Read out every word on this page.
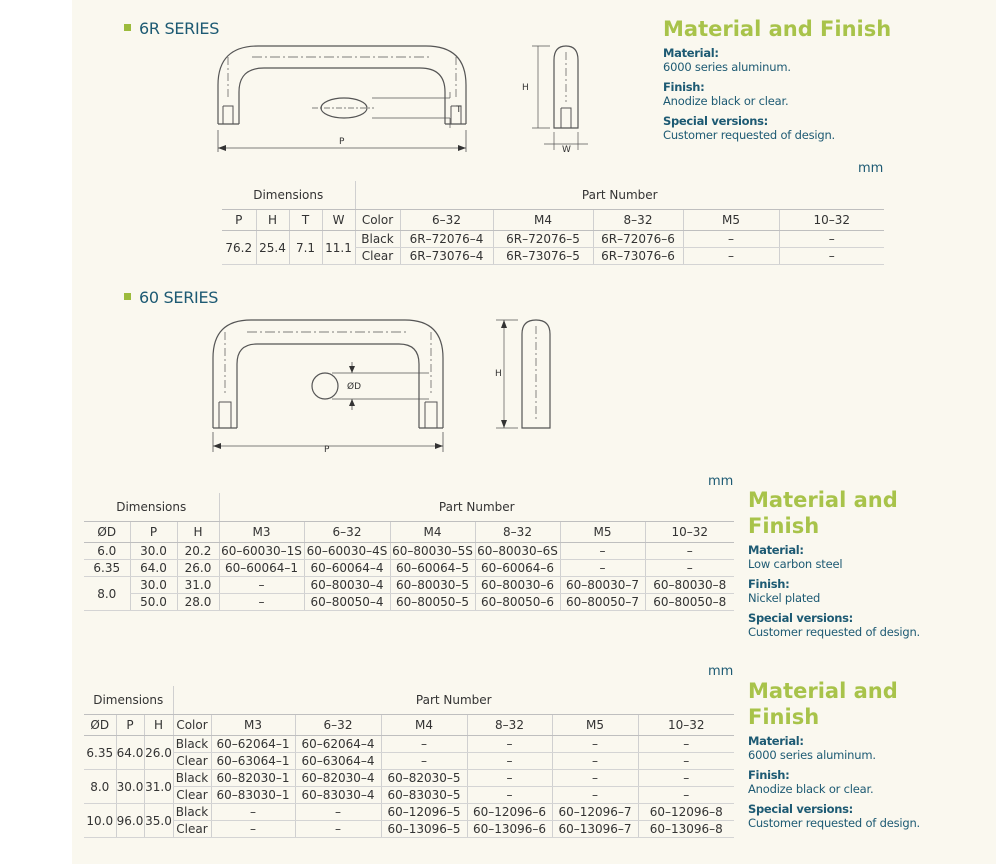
6R SERIES
P
T
H
W
Material and Finish
Material:
6000 series aluminum.
Finish:
Anodize black or clear.
Special versions:
Customer requested of design.
mm
Dimensions				Part Number					
P	H	T	W	Color	6–32	M4	8–32	M5	10–32
76.2	25.4	7.1	11.1	Black	6R–72076–4	6R–72076–5	6R–72076–6	–	–
				Clear	6R–73076–4	6R–73076–5	6R–73076–6	–	–
60 SERIES
P
ØD
H
mm
Dimensions			Part Number					
ØD	P	H	M3	6–32	M4	8–32	M5	10–32
6.0	30.0	20.2	60–60030–1S	60–60030–4S	60–80030–5S	60–80030–6S	–	–
6.35	64.0	26.0	60–60064–1	60–60064–4	60–60064–5	60–60064–6	–	–
8.0	30.0	31.0	–	60–80030–4	60–80030–5	60–80030–6	60–80030–7	60–80030–8
	50.0	28.0	–	60–80050–4	60–80050–5	60–80050–6	60–80050–7	60–80050–8
Material and
Finish
Material:
Low carbon steel
Finish:
Nickel plated
Special versions:
Customer requested of design.
mm
Dimensions			Part Number						
ØD	P	H	Color	M3	6–32	M4	8–32	M5	10–32
6.35	64.0	26.0	Black	60–62064–1	60–62064–4	–	–	–	–
			Clear	60–63064–1	60–63064–4	–	–	–	–
8.0	30.0	31.0	Black	60–82030–1	60–82030–4	60–82030–5	–	–	–
			Clear	60–83030–1	60–83030–4	60–83030–5	–	–	–
10.0	96.0	35.0	Black	–	–	60–12096–5	60–12096–6	60–12096–7	60–12096–8
			Clear	–	–	60–13096–5	60–13096–6	60–13096–7	60–13096–8
Material and
Finish
Material:
6000 series aluminum.
Finish:
Anodize black or clear.
Special versions:
Customer requested of design.
